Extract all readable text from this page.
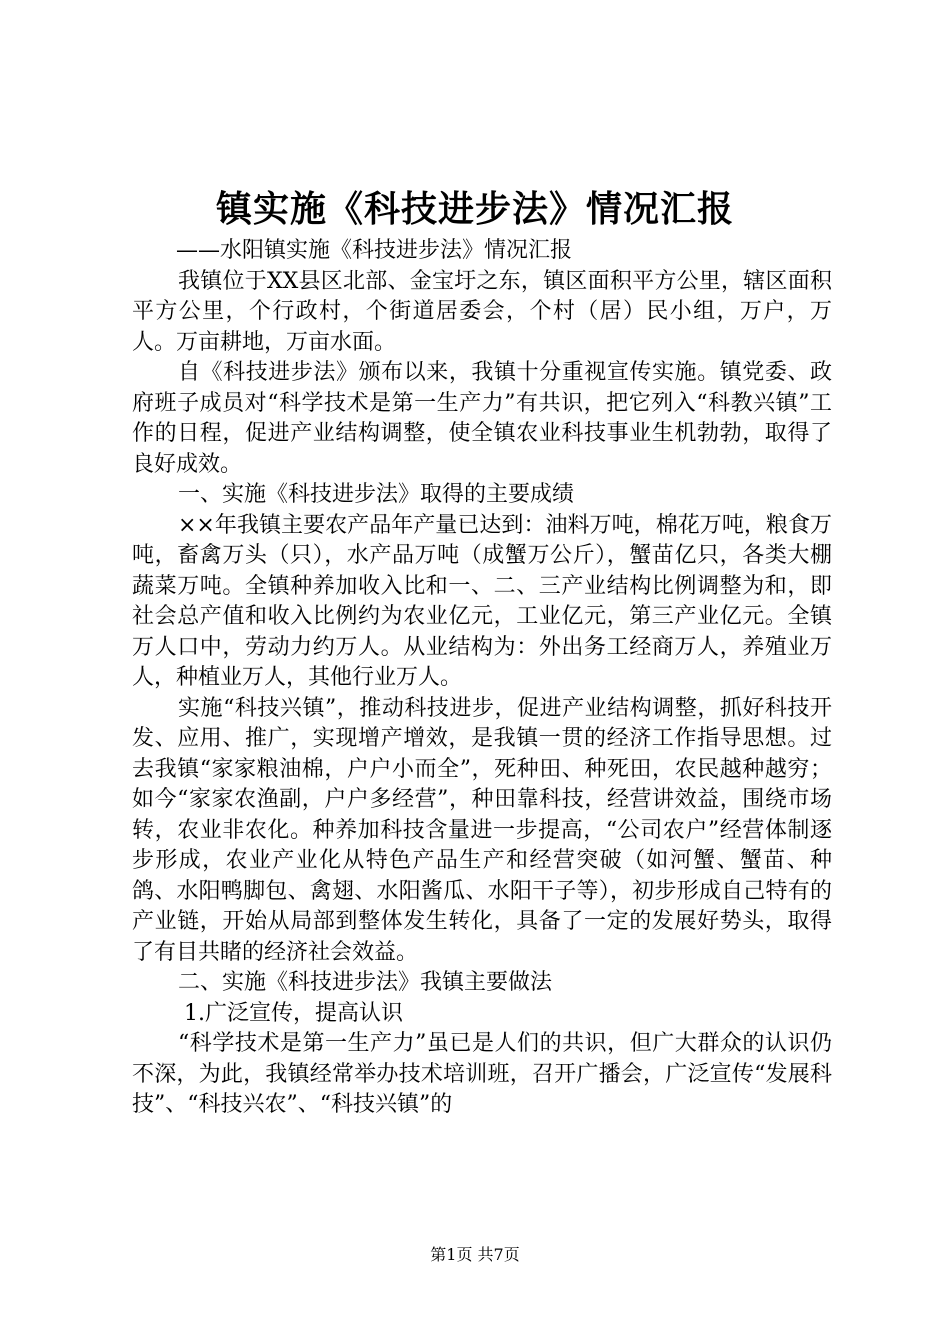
镇实施《科技进步法》情况汇报

——水阳镇实施《科技进步法》情况汇报

我镇位于XX县区北部、金宝圩之东，镇区面积平方公里，辖区面积平方公里，个行政村，个街道居委会，个村（居）民小组，万户，万人。万亩耕地，万亩水面。

自《科技进步法》颁布以来，我镇十分重视宣传实施。镇党委、政府班子成员对“科学技术是第一生产力”有共识，把它列入“科教兴镇”工作的日程，促进产业结构调整，使全镇农业科技事业生机勃勃，取得了良好成效。

一、实施《科技进步法》取得的主要成绩

××年我镇主要农产品年产量已达到：油料万吨，棉花万吨，粮食万吨，畜禽万头（只），水产品万吨（成蟹万公斤），蟹苗亿只，各类大棚蔬菜万吨。全镇种养加收入比和一、二、三产业结构比例调整为和，即社会总产值和收入比例约为农业亿元，工业亿元，第三产业亿元。全镇万人口中，劳动力约万人。从业结构为：外出务工经商万人，养殖业万人，种植业万人，其他行业万人。

实施“科技兴镇”，推动科技进步，促进产业结构调整，抓好科技开发、应用、推广，实现增产增效，是我镇一贯的经济工作指导思想。过去我镇“家家粮油棉，户户小而全”，死种田、种死田，农民越种越穷；如今“家家农渔副，户户多经营”，种田靠科技，经营讲效益，围绕市场转，农业非农化。种养加科技含量进一步提高，“公司农户”经营体制逐步形成，农业产业化从特色产品生产和经营突破（如河蟹、蟹苗、种鸽、水阳鸭脚包、禽翅、水阳酱瓜、水阳干子等），初步形成自己特有的产业链，开始从局部到整体发生转化，具备了一定的发展好势头，取得了有目共睹的经济社会效益。

二、实施《科技进步法》我镇主要做法

1.广泛宣传，提高认识

“科学技术是第一生产力”虽已是人们的共识，但广大群众的认识仍不深，为此，我镇经常举办技术培训班，召开广播会，广泛宣传“发展科技”、“科技兴农”、“科技兴镇”的

第1页 共7页
